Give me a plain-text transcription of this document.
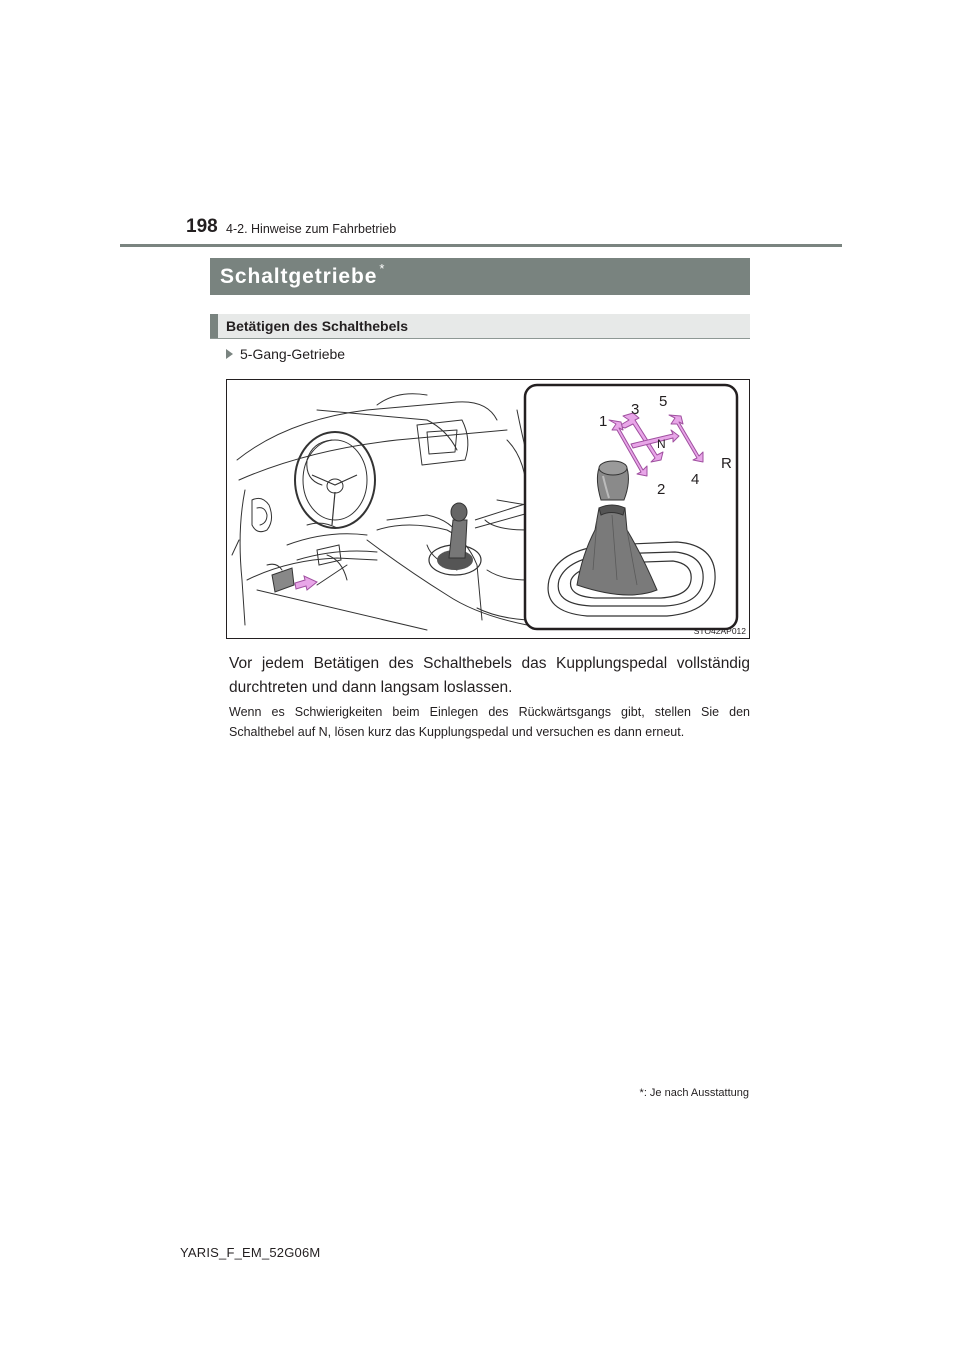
198 4-2. Hinweise zum Fahrbetrieb
Schaltgetriebe *
Betätigen des Schalthebels
5-Gang-Getriebe
1
2
3
4
5
R
N
STO42AP012
Vor jedem Betätigen des Schalthebels das Kupplungspedal vollständig durchtreten und dann langsam loslassen.
Wenn es Schwierigkeiten beim Einlegen des Rückwärtsgangs gibt, stellen Sie den Schalthebel auf N, lösen kurz das Kupplungspedal und versuchen es dann erneut.
*: Je nach Ausstattung
YARIS_F_EM_52G06M
